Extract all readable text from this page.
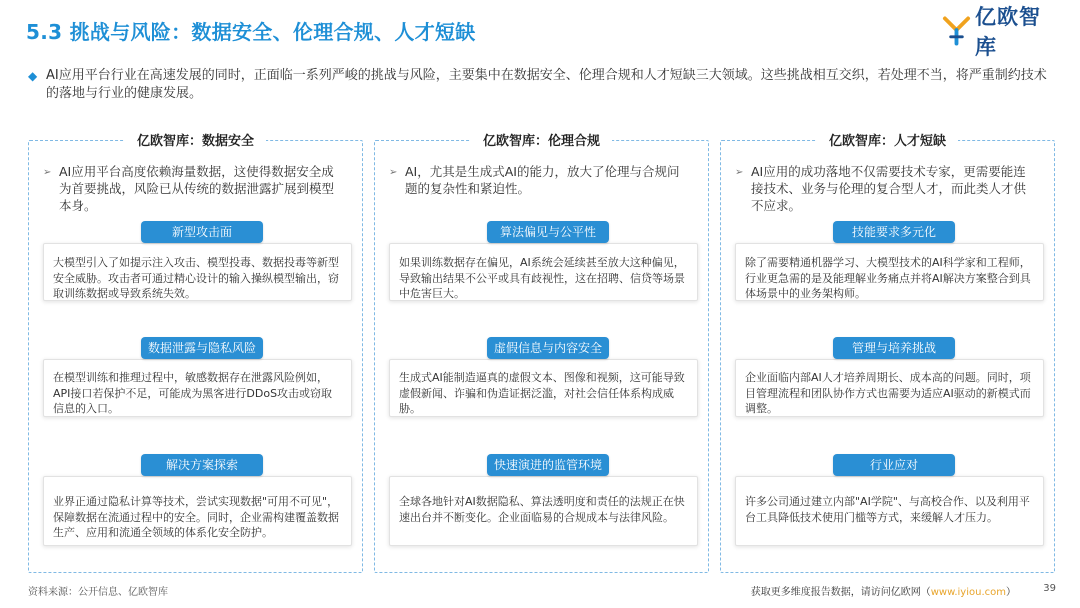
5.3 挑战与风险：数据安全、伦理合规、人才短缺
亿欧智库
◆ AI应用平台行业在高速发展的同时，正面临一系列严峻的挑战与风险，主要集中在数据安全、伦理合规和人才短缺三大领域。这些挑战相互交织，若处理不当，将严重制约技术的落地与行业的健康发展。
亿欧智库：数据安全
➢ AI应用平台高度依赖海量数据，这使得数据安全成为首要挑战，风险已从传统的数据泄露扩展到模型本身。
新型攻击面
大模型引入了如提示注入攻击、模型投毒、数据投毒等新型安全威胁。攻击者可通过精心设计的输入操纵模型输出，窃取训练数据或导致系统失效。
数据泄露与隐私风险
在模型训练和推理过程中，敏感数据存在泄露风险例如，API接口若保护不足，可能成为黑客进行DDoS攻击或窃取信息的入口。
解决方案探索
业界正通过隐私计算等技术，尝试实现数据"可用不可见"，保障数据在流通过程中的安全。同时，企业需构建覆盖数据生产、应用和流通全领域的体系化安全防护。
亿欧智库：伦理合规
➢ AI，尤其是生成式AI的能力，放大了伦理与合规问题的复杂性和紧迫性。
算法偏见与公平性
如果训练数据存在偏见，AI系统会延续甚至放大这种偏见，导致输出结果不公平或具有歧视性，这在招聘、信贷等场景中危害巨大。
虚假信息与内容安全
生成式AI能制造逼真的虚假文本、图像和视频，这可能导致虚假新闻、诈骗和伪造证据泛滥，对社会信任体系构成威胁。
快速演进的监管环境
全球各地针对AI数据隐私、算法透明度和责任的法规正在快速出台并不断变化。企业面临易的合规成本与法律风险。
亿欧智库：人才短缺
➢ AI应用的成功落地不仅需要技术专家，更需要能连接技术、业务与伦理的复合型人才，而此类人才供不应求。
技能要求多元化
除了需要精通机器学习、大模型技术的AI科学家和工程师，行业更急需的是及能理解业务痛点并将AI解决方案整合到具体场景中的业务架构师。
管理与培养挑战
企业面临内部AI人才培养周期长、成本高的问题。同时，项目管理流程和团队协作方式也需要为适应AI驱动的新模式而调整。
行业应对
许多公司通过建立内部"AI学院"、与高校合作、以及利用平台工具降低技术使用门槛等方式，来缓解人才压力。
资料来源：公开信息、亿欧智库	获取更多维度报告数据，请访问亿欧网（www.iyiou.com）	39
